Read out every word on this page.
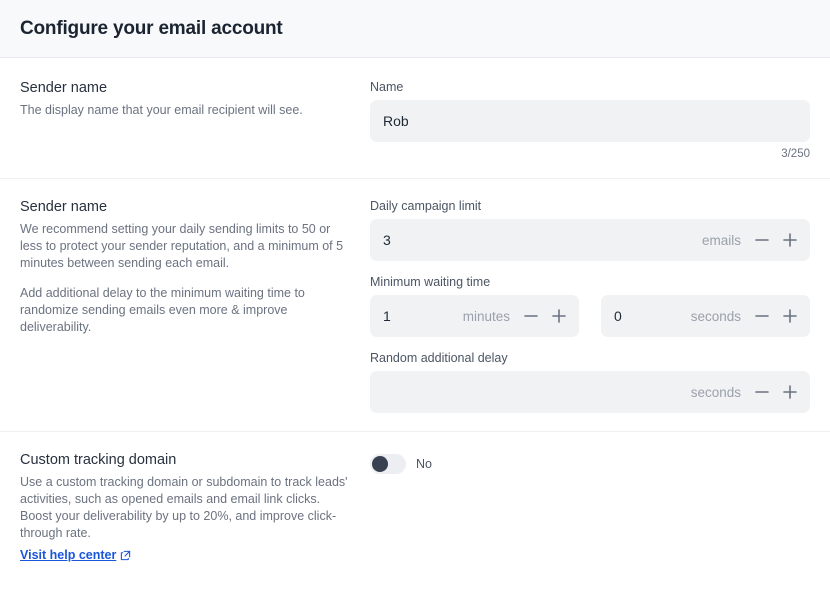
Configure your email account
Sender name

The display name that your email recipient will see.

Name
Rob
3/250
Sender name

We recommend setting your daily sending limits to 50 or less to protect your sender reputation, and a minimum of 5 minutes between sending each email.

Add additional delay to the minimum waiting time to randomize sending emails even more & improve deliverability.

Daily campaign limit
3	emails
Minimum waiting time
1	minutes	0	seconds
Random additional delay
seconds
Custom tracking domain

Use a custom tracking domain or subdomain to track leads' activities, such as opened emails and email link clicks. Boost your deliverability by up to 20%, and improve click-through rate.

Visit help center
No
